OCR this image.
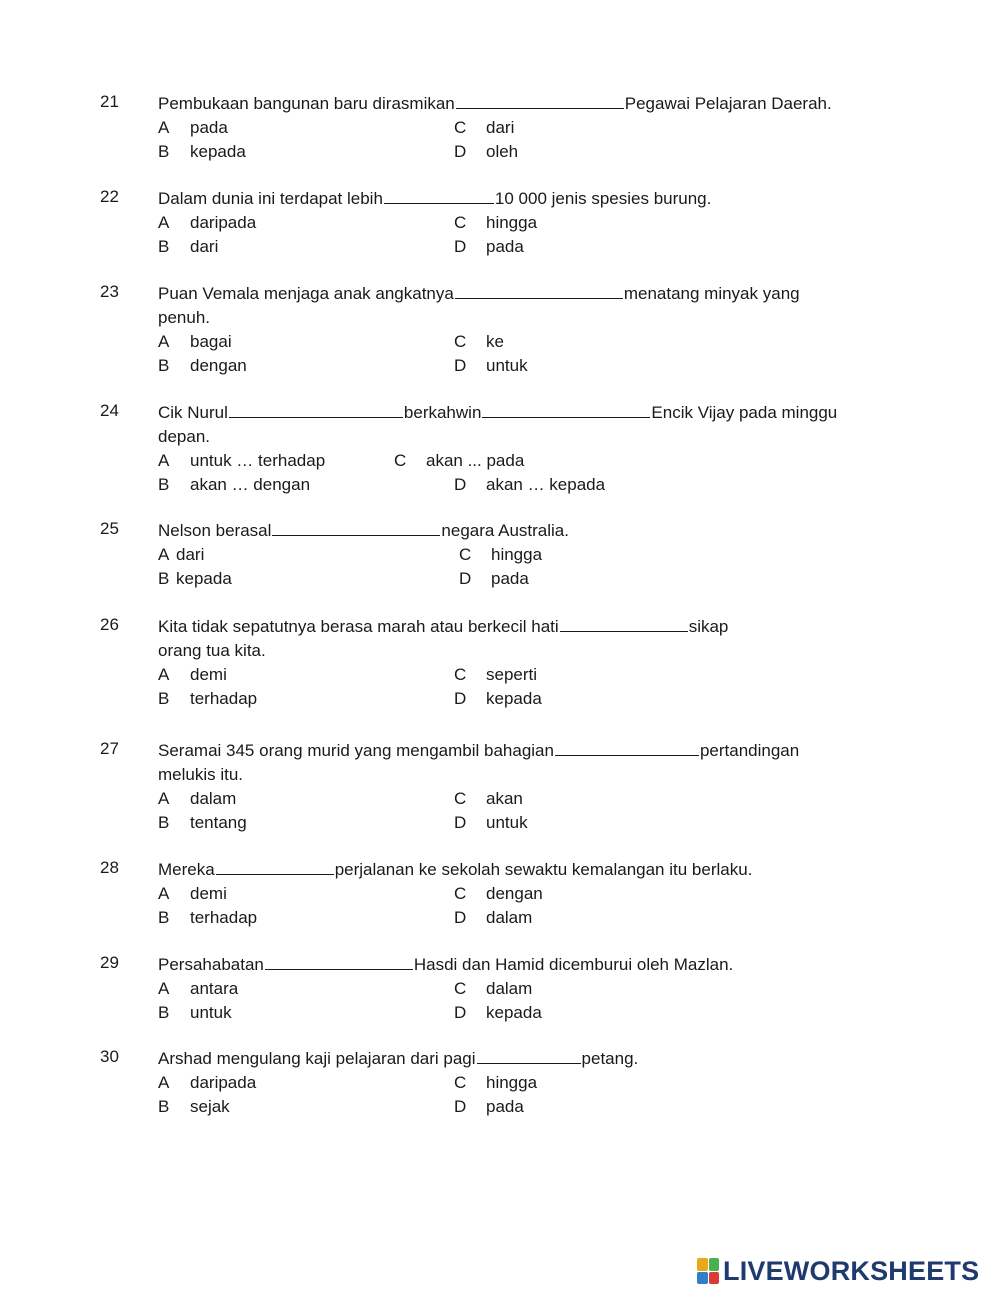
21	Pembukaan bangunan baru dirasmikan	Pegawai Pelajaran Daerah.
A pada
B kepada
C dari
D oleh
22	Dalam dunia ini terdapat lebih	10 000 jenis spesies burung.
A daripada
B dari
C hingga
D pada
23	Puan Vemala menjaga anak angkatnya	menatang minyak yang
penuh.
A bagai
B dengan
C ke
D untuk
24	Cik Nurul	berkahwin	Encik Vijay pada minggu
depan.
A untuk … terhadap
B akan … dengan
C akan ... pada
D akan … kepada
25	Nelson berasal	negara Australia.
A dari
B kepada
C hingga
D pada
26	Kita tidak sepatutnya berasa marah atau berkecil hati	sikap
orang tua kita.
A demi
B terhadap
C seperti
D kepada
27	Seramai 345 orang murid yang mengambil bahagian	pertandingan
melukis itu.
A dalam
B tentang
C akan
D untuk
28	Mereka	perjalanan ke sekolah sewaktu kemalangan itu berlaku.
A demi
B terhadap
C dengan
D dalam
29	Persahabatan	Hasdi dan Hamid dicemburui oleh Mazlan.
A antara
B untuk
C dalam
D kepada
30	Arshad mengulang kaji pelajaran dari pagi	petang.
A daripada
B sejak
C hingga
D pada
LIVEWORKSHEETS
